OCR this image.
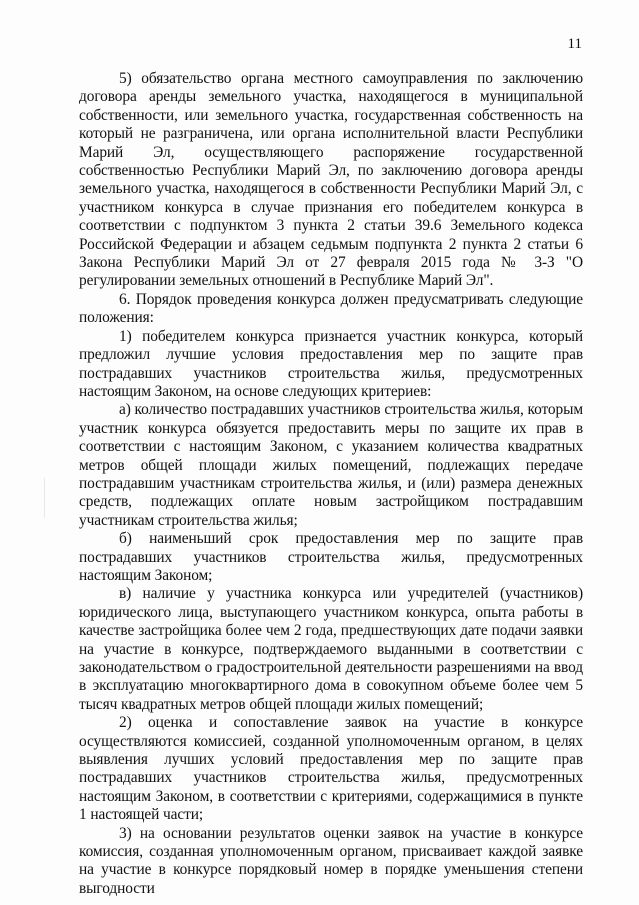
11

5) обязательство органа местного самоуправления по заключению договора аренды земельного участка, находящегося в муниципальной собственности, или земельного участка, государственная собственность на который не разграничена, или органа исполнительной власти Республики Марий Эл, осуществляющего распоряжение государственной собственностью Республики Марий Эл, по заключению договора аренды земельного участка, находящегося в собственности Республики Марий Эл, с участником конкурса в случае признания его победителем конкурса в соответствии с подпунктом 3 пункта 2 статьи 39.6 Земельного кодекса Российской Федерации и абзацем седьмым подпункта 2 пункта 2 статьи 6 Закона Республики Марий Эл от 27 февраля 2015 года № 3-З "О регулировании земельных отношений в Республике Марий Эл".

6. Порядок проведения конкурса должен предусматривать следующие положения:

1) победителем конкурса признается участник конкурса, который предложил лучшие условия предоставления мер по защите прав пострадавших участников строительства жилья, предусмотренных настоящим Законом, на основе следующих критериев:

а) количество пострадавших участников строительства жилья, которым участник конкурса обязуется предоставить меры по защите их прав в соответствии с настоящим Законом, с указанием количества квадратных метров общей площади жилых помещений, подлежащих передаче пострадавшим участникам строительства жилья, и (или) размера денежных средств, подлежащих оплате новым застройщиком пострадавшим участникам строительства жилья;

б) наименьший срок предоставления мер по защите прав пострадавших участников строительства жилья, предусмотренных настоящим Законом;

в) наличие у участника конкурса или учредителей (участников) юридического лица, выступающего участником конкурса, опыта работы в качестве застройщика более чем 2 года, предшествующих дате подачи заявки на участие в конкурсе, подтверждаемого выданными в соответствии с законодательством о градостроительной деятельности разрешениями на ввод в эксплуатацию многоквартирного дома в совокупном объеме более чем 5 тысяч квадратных метров общей площади жилых помещений;

2) оценка и сопоставление заявок на участие в конкурсе осуществляются комиссией, созданной уполномоченным органом, в целях выявления лучших условий предоставления мер по защите прав пострадавших участников строительства жилья, предусмотренных настоящим Законом, в соответствии с критериями, содержащимися в пункте 1 настоящей части;

3) на основании результатов оценки заявок на участие в конкурсе комиссия, созданная уполномоченным органом, присваивает каждой заявке на участие в конкурсе порядковый номер в порядке уменьшения степени выгодности
